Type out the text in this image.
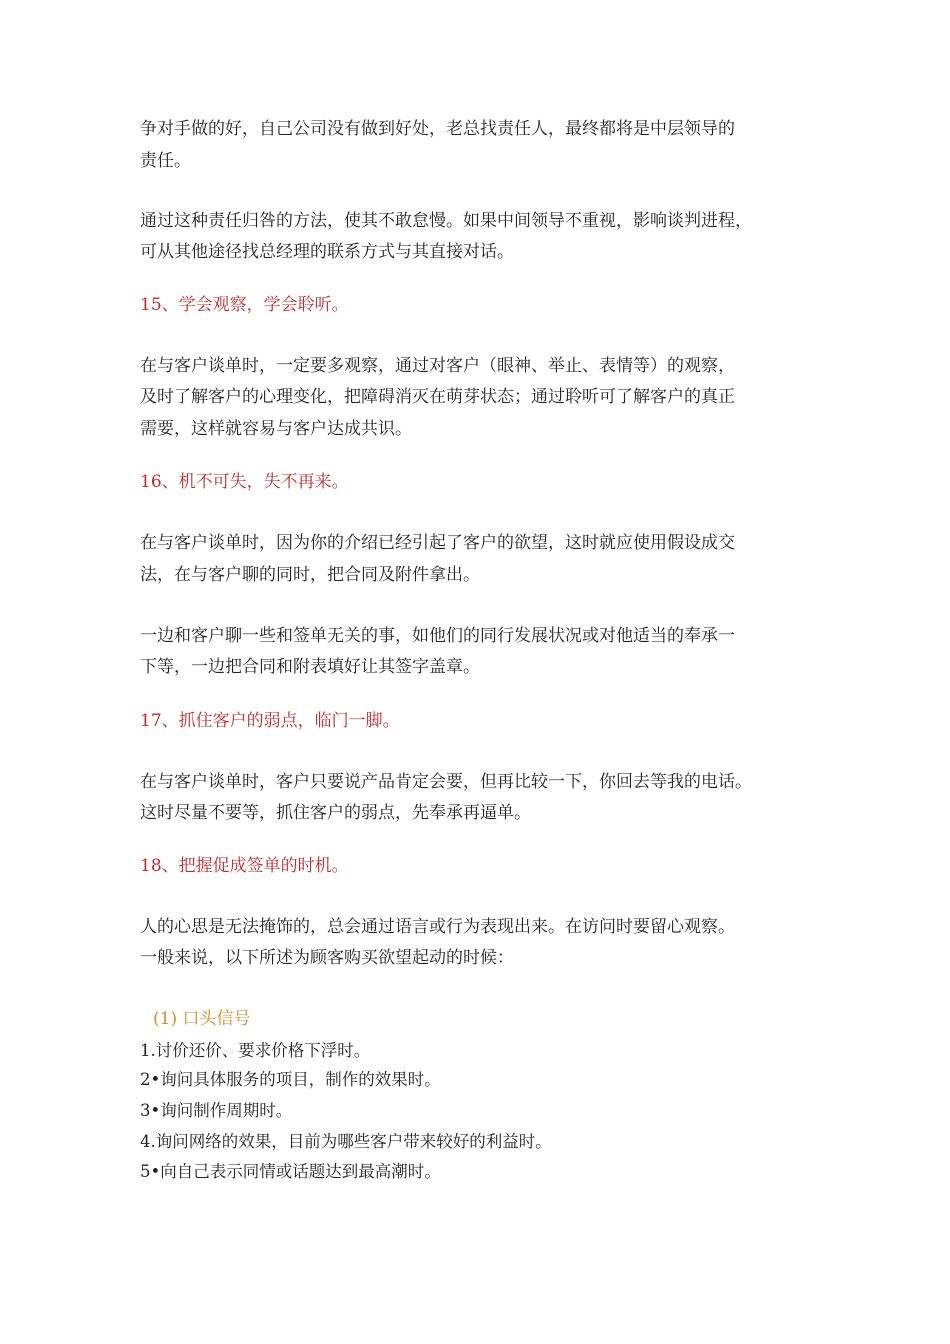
争对手做的好，自己公司没有做到好处，老总找责任人，最终都将是中层领导的
责任。
通过这种责任归咎的方法，使其不敢怠慢。如果中间领导不重视，影响谈判进程，
可从其他途径找总经理的联系方式与其直接对话。
15、学会观察，学会聆听。
在与客户谈单时，一定要多观察，通过对客户（眼神、举止、表情等）的观察，
及时了解客户的心理变化，把障碍消灭在萌芽状态；通过聆听可了解客户的真正
需要，这样就容易与客户达成共识。
16、机不可失，失不再来。
在与客户谈单时，因为你的介绍已经引起了客户的欲望，这时就应使用假设成交
法，在与客户聊的同时，把合同及附件拿出。
一边和客户聊一些和签单无关的事，如他们的同行发展状况或对他适当的奉承一
下等，一边把合同和附表填好让其签字盖章。
17、抓住客户的弱点，临门一脚。
在与客户谈单时，客户只要说产品肯定会要，但再比较一下，你回去等我的电话。
这时尽量不要等，抓住客户的弱点，先奉承再逼单。
18、把握促成签单的时机。
人的心思是无法掩饰的，总会通过语言或行为表现出来。在访问时要留心观察。
一般来说，以下所述为顾客购买欲望起动的时候：
(1) 口头信号
1.讨价还价、要求价格下浮时。
2•询问具体服务的项目，制作的效果时。
3•询问制作周期时。
4.询问网络的效果，目前为哪些客户带来较好的利益时。
5•向自己表示同情或话题达到最高潮时。
